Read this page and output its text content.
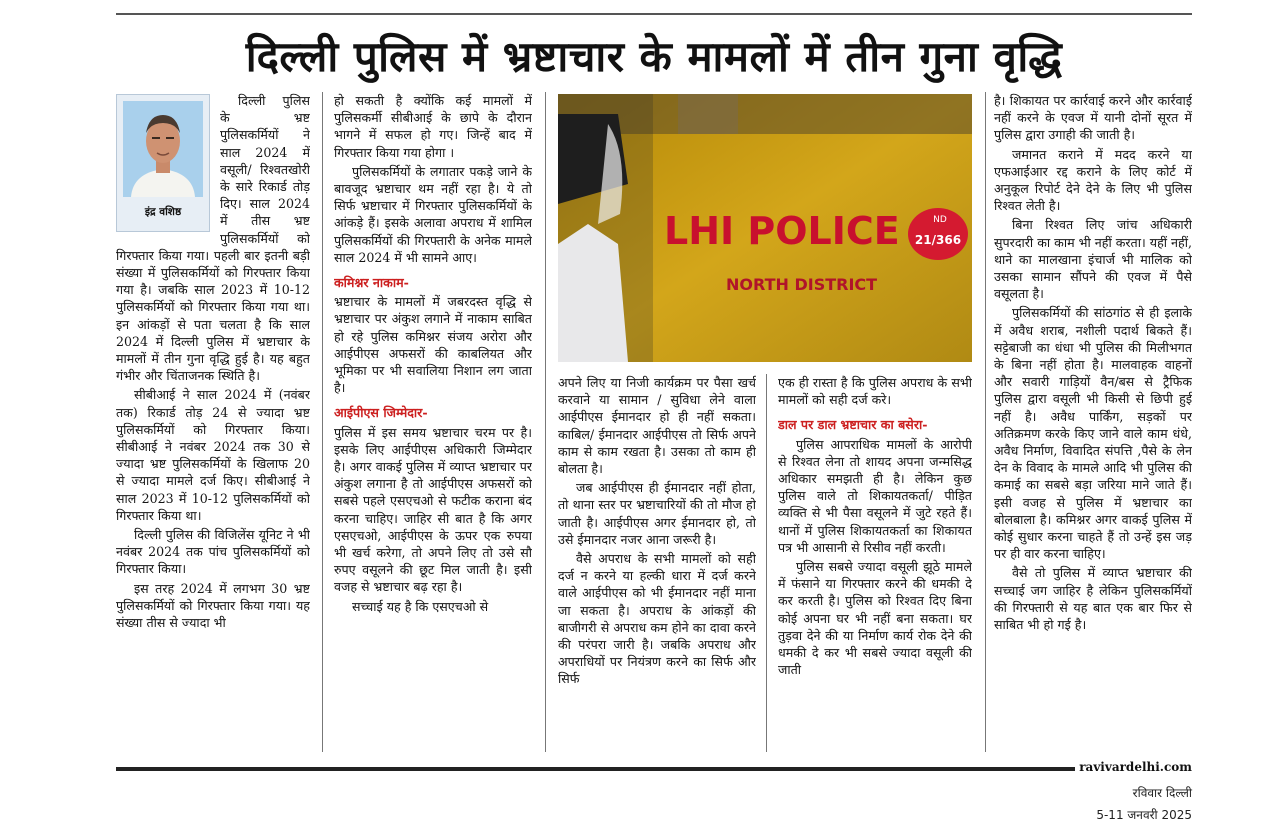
दिल्ली पुलिस में भ्रष्टाचार के मामलों में तीन गुना वृद्धि
इंद्र वशिष्ठ

दिल्ली पुलिस के भ्रष्ट पुलिसकर्मियों ने साल 2024 में वसूली/ रिश्वतखोरी के सारे रिकार्ड तोड़ दिए। साल 2024 में तीस भ्रष्ट पुलिसकर्मियों को गिरफ्तार किया गया। पहली बार इतनी बड़ी संख्या में पुलिसकर्मियों को गिरफ्तार किया गया है। जबकि साल 2023 में 10-12 पुलिसकर्मियों को गिरफ्तार किया गया था। इन आंकड़ों से पता चलता है कि साल 2024 में दिल्ली पुलिस में भ्रष्टाचार के मामलों में तीन गुना वृद्धि हुई है। यह बहुत गंभीर और चिंताजनक स्थिति है।

सीबीआई ने साल 2024 में (नवंबर तक) रिकार्ड तोड़ 24 से ज्यादा भ्रष्ट पुलिसकर्मियों को गिरफ्तार किया। सीबीआई ने नवंबर 2024 तक 30 से ज्यादा भ्रष्ट पुलिसकर्मियों के खिलाफ 20 से ज्यादा मामले दर्ज किए। सीबीआई ने साल 2023 में 10-12 पुलिसकर्मियों को गिरफ्तार किया था।

दिल्ली पुलिस की विजिलेंस यूनिट ने भी नवंबर 2024 तक पांच पुलिसकर्मियों को गिरफ्तार किया।

इस तरह 2024 में लगभग 30 भ्रष्ट पुलिसकर्मियों को गिरफ्तार किया गया। यह संख्या तीस से ज्यादा भी

हो सकती है क्योंकि कई मामलों में पुलिसकर्मी सीबीआई के छापे के दौरान भागने में सफल हो गए। जिन्हें बाद में गिरफ्तार किया गया होगा ।

पुलिसकर्मियों के लगातार पकड़े जाने के बावजूद भ्रष्टाचार थम नहीं रहा है। ये तो सिर्फ भ्रष्टाचार में गिरफ्तार पुलिसकर्मियों के आंकड़े हैं। इसके अलावा अपराध में शामिल पुलिसकर्मियों की गिरफ्तारी के अनेक मामले साल 2024 में भी सामने आए।

कमिश्नर नाकाम-

भ्रष्टाचार के मामलों में जबरदस्त वृद्धि से भ्रष्टाचार पर अंकुश लगाने में नाकाम साबित हो रहे पुलिस कमिश्नर संजय अरोरा और आईपीएस अफसरों की काबलियत और भूमिका पर भी सवालिया निशान लग जाता है।

आईपीएस जिम्मेदार-

पुलिस में इस समय भ्रष्टाचार चरम पर है। इसके लिए आईपीएस अधिकारी जिम्मेदार है। अगर वाकई पुलिस में व्याप्त भ्रष्टाचार पर अंकुश लगाना है तो आईपीएस अफसरों को सबसे पहले एसएचओ से फटीक कराना बंद करना चाहिए। जाहिर सी बात है कि अगर एसएचओ, आईपीएस के ऊपर एक रुपया भी खर्च करेगा, तो अपने लिए तो उसे सौ रुपए वसूलने की छूट मिल जाती है। इसी वजह से भ्रष्टाचार बढ़ रहा है।

सच्चाई यह है कि एसएचओ से

LHI POLICE
NORTH DISTRICT
ND
21/366

अपने लिए या निजी कार्यक्रम पर पैसा खर्च करवाने या सामान / सुविधा लेने वाला आईपीएस ईमानदार हो ही नहीं सकता। काबिल/ ईमानदार आईपीएस तो सिर्फ अपने काम से काम रखता है। उसका तो काम ही बोलता है।

जब आईपीएस ही ईमानदार नहीं होता, तो थाना स्तर पर भ्रष्टाचारियों की तो मौज हो जाती है। आईपीएस अगर ईमानदार हो, तो उसे ईमानदार नजर आना जरूरी है।

वैसे अपराध के सभी मामलों को सही दर्ज न करने या हल्की धारा में दर्ज करने वाले आईपीएस को भी ईमानदार नहीं माना जा सकता है। अपराध के आंकड़ों की बाजीगरी से अपराध कम होने का दावा करने की परंपरा जारी है। जबकि अपराध और अपराधियों पर नियंत्रण करने का सिर्फ और सिर्फ

एक ही रास्ता है कि पुलिस अपराध के सभी मामलों को सही दर्ज करे।

डाल पर डाल भ्रष्टाचार का बसेरा-

पुलिस आपराधिक मामलों के आरोपी से रिश्वत लेना तो शायद अपना जन्मसिद्ध अधिकार समझती ही है। लेकिन कुछ पुलिस वाले तो शिकायतकर्ता/ पीड़ित व्यक्ति से भी पैसा वसूलने में जुटे रहते हैं। थानों में पुलिस शिकायतकर्ता का शिकायत पत्र भी आसानी से रिसीव नहीं करती।

पुलिस सबसे ज्यादा वसूली झूठे मामले में फंसाने या गिरफ्तार करने की धमकी दे कर करती है। पुलिस को रिश्वत दिए बिना कोई अपना घर भी नहीं बना सकता। घर तुड़वा देने की या निर्माण कार्य रोक देने की धमकी दे कर भी सबसे ज्यादा वसूली की जाती

है। शिकायत पर कार्रवाई करने और कार्रवाई नहीं करने के एवज में यानी दोनों सूरत में पुलिस द्वारा उगाही की जाती है।

जमानत कराने में मदद करने या एफआईआर रद्द कराने के लिए कोर्ट में अनुकूल रिपोर्ट देने देने के लिए भी पुलिस रिश्वत लेती है।

बिना रिश्वत लिए जांच अधिकारी सुपरदारी का काम भी नहीं करता। यहीं नहीं, थाने का मालखाना इंचार्ज भी मालिक को उसका सामान सौंपने की एवज में पैसे वसूलता है।

पुलिसकर्मियों की सांठगांठ से ही इलाके में अवैध शराब, नशीली पदार्थ बिकते हैं। सट्टेबाजी का धंधा भी पुलिस की मिलीभगत के बिना नहीं होता है। मालवाहक वाहनों और सवारी गाड़ियों वैन/बस से ट्रैफिक पुलिस द्वारा वसूली भी किसी से छिपी हुई नहीं है। अवैध पार्किंग, सड़कों पर अतिक्रमण करके किए जाने वाले काम धंधे, अवैध निर्माण, विवादित संपत्ति ,पैसे के लेन देन के विवाद के मामले आदि भी पुलिस की कमाई का सबसे बड़ा जरिया माने जाते हैं। इसी वजह से पुलिस में भ्रष्टाचार का बोलबाला है। कमिश्नर अगर वाकई पुलिस में कोई सुधार करना चाहते हैं तो उन्हें इस जड़ पर ही वार करना चाहिए।

वैसे तो पुलिस में व्याप्त भ्रष्टाचार की सच्चाई जग जाहिर है लेकिन पुलिसकर्मियों की गिरफ्तारी से यह बात एक बार फिर से साबित भी हो गई है।

ravivardelhi.com
रविवार दिल्ली
5-11 जनवरी 2025
